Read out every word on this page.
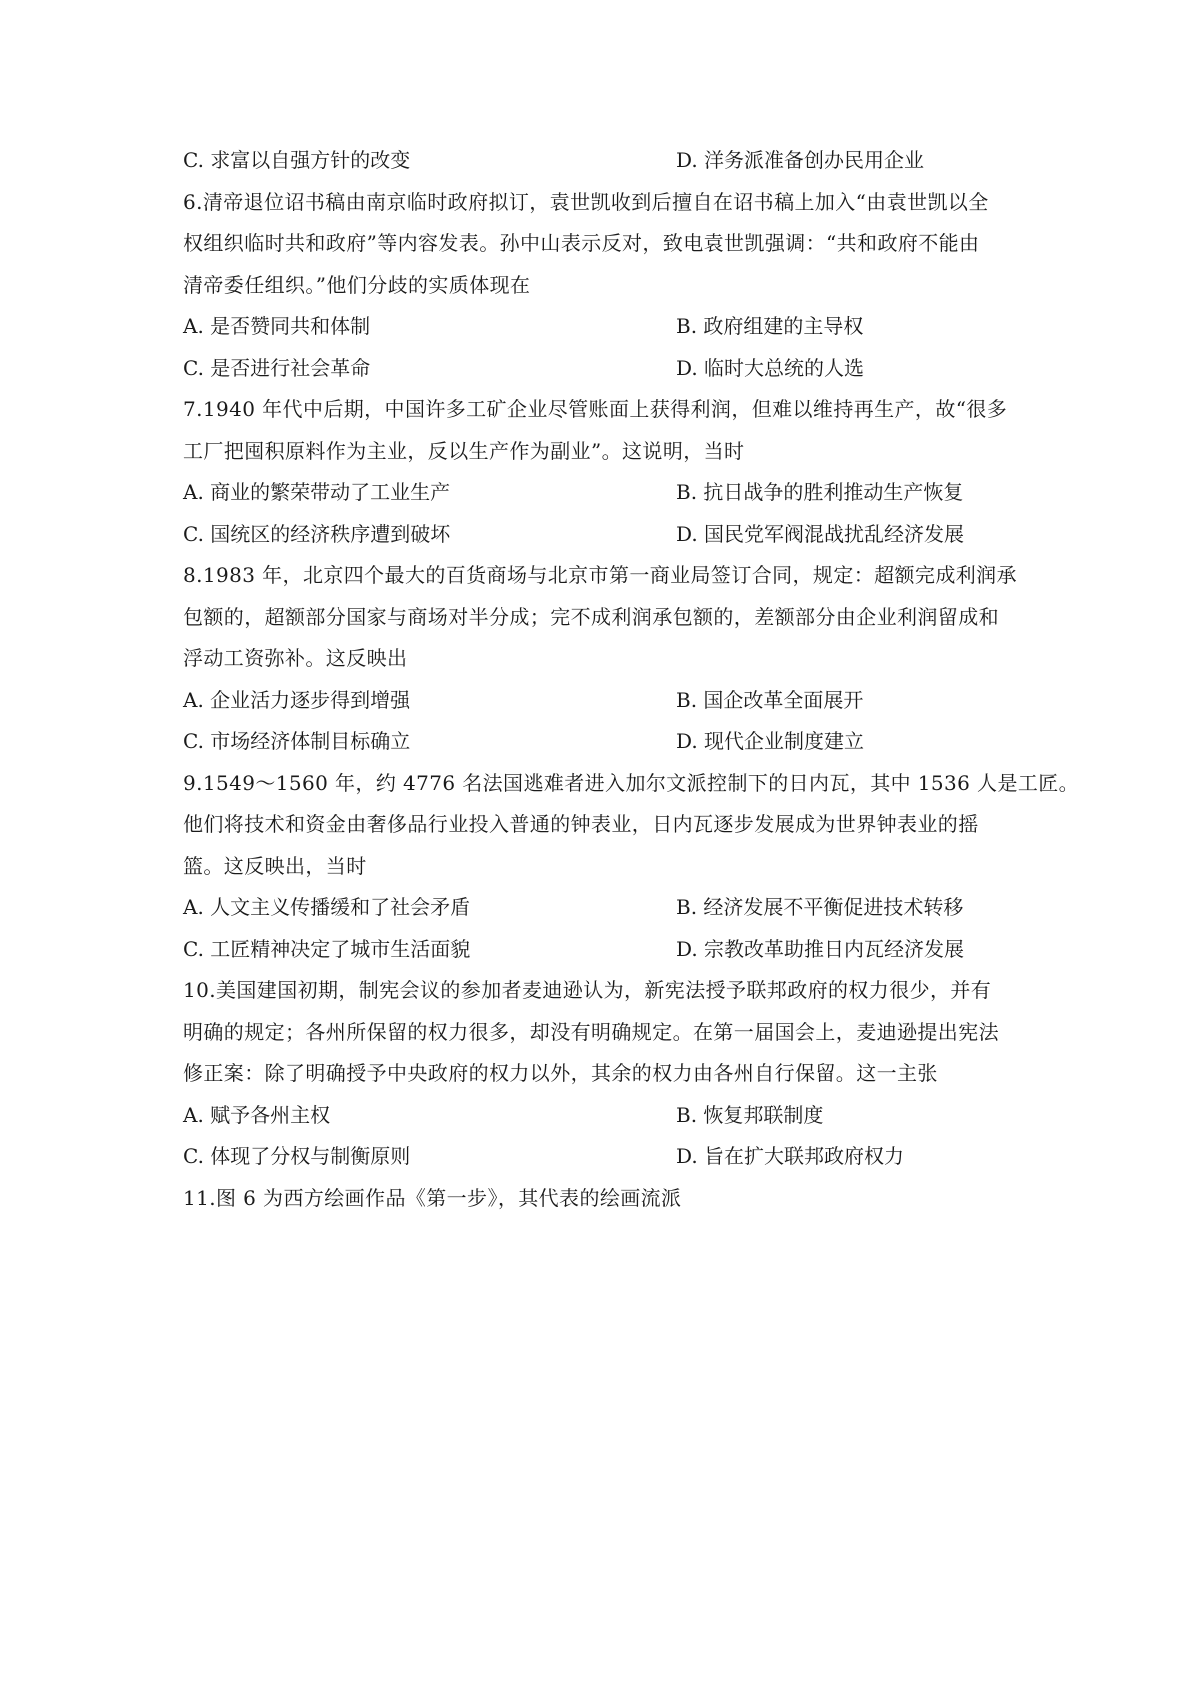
C. 求富以自强方针的改变	D. 洋务派准备创办民用企业
6.清帝退位诏书稿由南京临时政府拟订，袁世凯收到后擅自在诏书稿上加入“由袁世凯以全
权组织临时共和政府”等内容发表。孙中山表示反对，致电袁世凯强调：“共和政府不能由
清帝委任组织。”他们分歧的实质体现在
A. 是否赞同共和体制	B. 政府组建的主导权
C. 是否进行社会革命	D. 临时大总统的人选
7.1940 年代中后期，中国许多工矿企业尽管账面上获得利润，但难以维持再生产，故“很多
工厂把囤积原料作为主业，反以生产作为副业”。这说明，当时
A. 商业的繁荣带动了工业生产	B. 抗日战争的胜利推动生产恢复
C. 国统区的经济秩序遭到破坏	D. 国民党军阀混战扰乱经济发展
8.1983 年，北京四个最大的百货商场与北京市第一商业局签订合同，规定：超额完成利润承
包额的，超额部分国家与商场对半分成；完不成利润承包额的，差额部分由企业利润留成和
浮动工资弥补。这反映出
A. 企业活力逐步得到增强	B. 国企改革全面展开
C. 市场经济体制目标确立	D. 现代企业制度建立
9.1549～1560 年，约 4776 名法国逃难者进入加尔文派控制下的日内瓦，其中 1536 人是工匠。
他们将技术和资金由奢侈品行业投入普通的钟表业，日内瓦逐步发展成为世界钟表业的摇
篮。这反映出，当时
A. 人文主义传播缓和了社会矛盾	B. 经济发展不平衡促进技术转移
C. 工匠精神决定了城市生活面貌	D. 宗教改革助推日内瓦经济发展
10.美国建国初期，制宪会议的参加者麦迪逊认为，新宪法授予联邦政府的权力很少，并有
明确的规定；各州所保留的权力很多，却没有明确规定。在第一届国会上，麦迪逊提出宪法
修正案：除了明确授予中央政府的权力以外，其余的权力由各州自行保留。这一主张
A. 赋予各州主权	B. 恢复邦联制度
C. 体现了分权与制衡原则	D. 旨在扩大联邦政府权力
11.图 6 为西方绘画作品《第一步》，其代表的绘画流派
